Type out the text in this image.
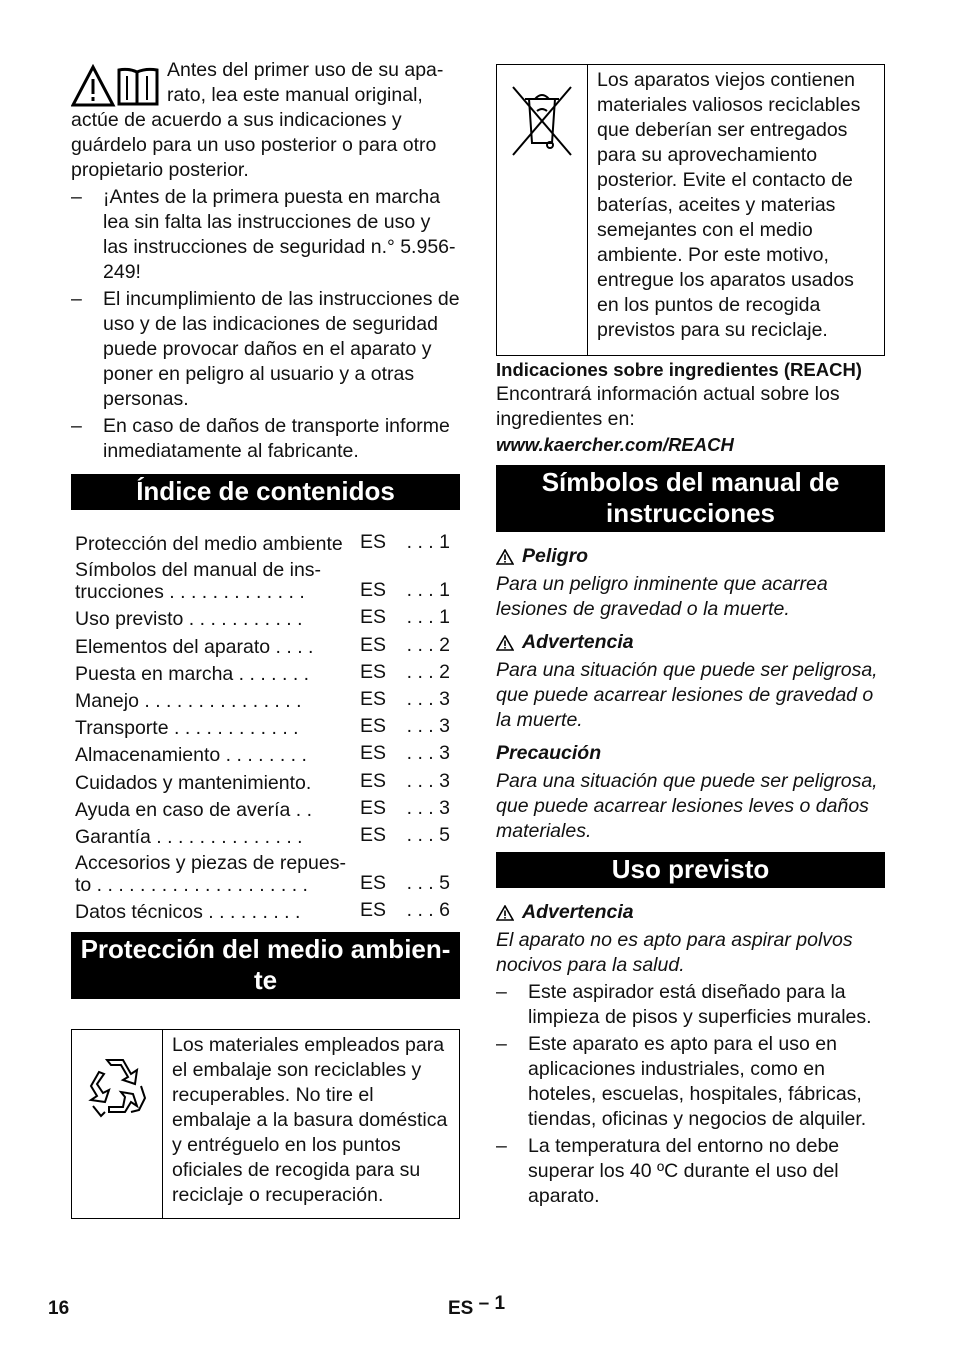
Antes del primer uso de su apa-rato, lea este manual original, actúe de acuerdo a sus indicaciones y guárdelo para un uso posterior o para otro propietario posterior.

– ¡Antes de la primera puesta en marcha lea sin falta las instrucciones de uso y las instrucciones de seguridad n.° 5.956-249!

– El incumplimiento de las instrucciones de uso y de las indicaciones de seguridad puede provocar daños en el aparato y poner en peligro al usuario y a otras personas.

– En caso de daños de transporte informe inmediatamente al fabricante.

Índice de contenidos
Protección del medio ambiente ES	. . . 1
Símbolos del manual de ins-
trucciones . . . . . . . . . . . . .	ES	. . . 1
Uso previsto . . . . . . . . . . .	ES	. . . 1
Elementos del aparato . . . .	ES	. . . 2
Puesta en marcha . . . . . . .	ES	. . . 2
Manejo . . . . . . . . . . . . . . .	ES	. . . 3
Transporte . . . . . . . . . . . .	ES	. . . 3
Almacenamiento . . . . . . . .	ES	. . . 3
Cuidados y mantenimiento.	ES	. . . 3
Ayuda en caso de avería . .	ES	. . . 3
Garantía . . . . . . . . . . . . . .	ES	. . . 5
Accesorios y piezas de repues-
to . . . . . . . . . . . . . . . . . . . .	ES	. . . 5
Datos técnicos . . . . . . . . .	ES	. . . 6
Protección del medio ambien-te

Los materiales empleados para el embalaje son reciclables y recuperables. No tire el embalaje a la basura doméstica y entréguelo en los puntos oficiales de recogida para su reciclaje o recuperación.

Los aparatos viejos contienen materiales valiosos reciclables que deberían ser entregados para su aprovechamiento posterior. Evite el contacto de baterías, aceites y materias semejantes con el medio ambiente. Por este motivo, entregue los aparatos usados en los puntos de recogida previstos para su reciclaje.

Indicaciones sobre ingredientes (REACH)

Encontrará información actual sobre los ingredientes en:

www.kaercher.com/REACH

Símbolos del manual de instrucciones
Peligro

Para un peligro inminente que acarrea lesiones de gravedad o la muerte.

Advertencia

Para una situación que puede ser peligrosa, que puede acarrear lesiones de gravedad o la muerte.

Precaución

Para una situación que puede ser peligrosa, que puede acarrear lesiones leves o daños materiales.

Uso previsto
Advertencia

El aparato no es apto para aspirar polvos nocivos para la salud.

– Este aspirador está diseñado para la limpieza de pisos y superficies murales.

– Este aparato es apto para el uso en aplicaciones industriales, como en hoteles, escuelas, hospitales, fábricas, tiendas, oficinas y negocios de alquiler.

– La temperatura del entorno no debe superar los 40 ºC durante el uso del aparato.

16	ES – 1
